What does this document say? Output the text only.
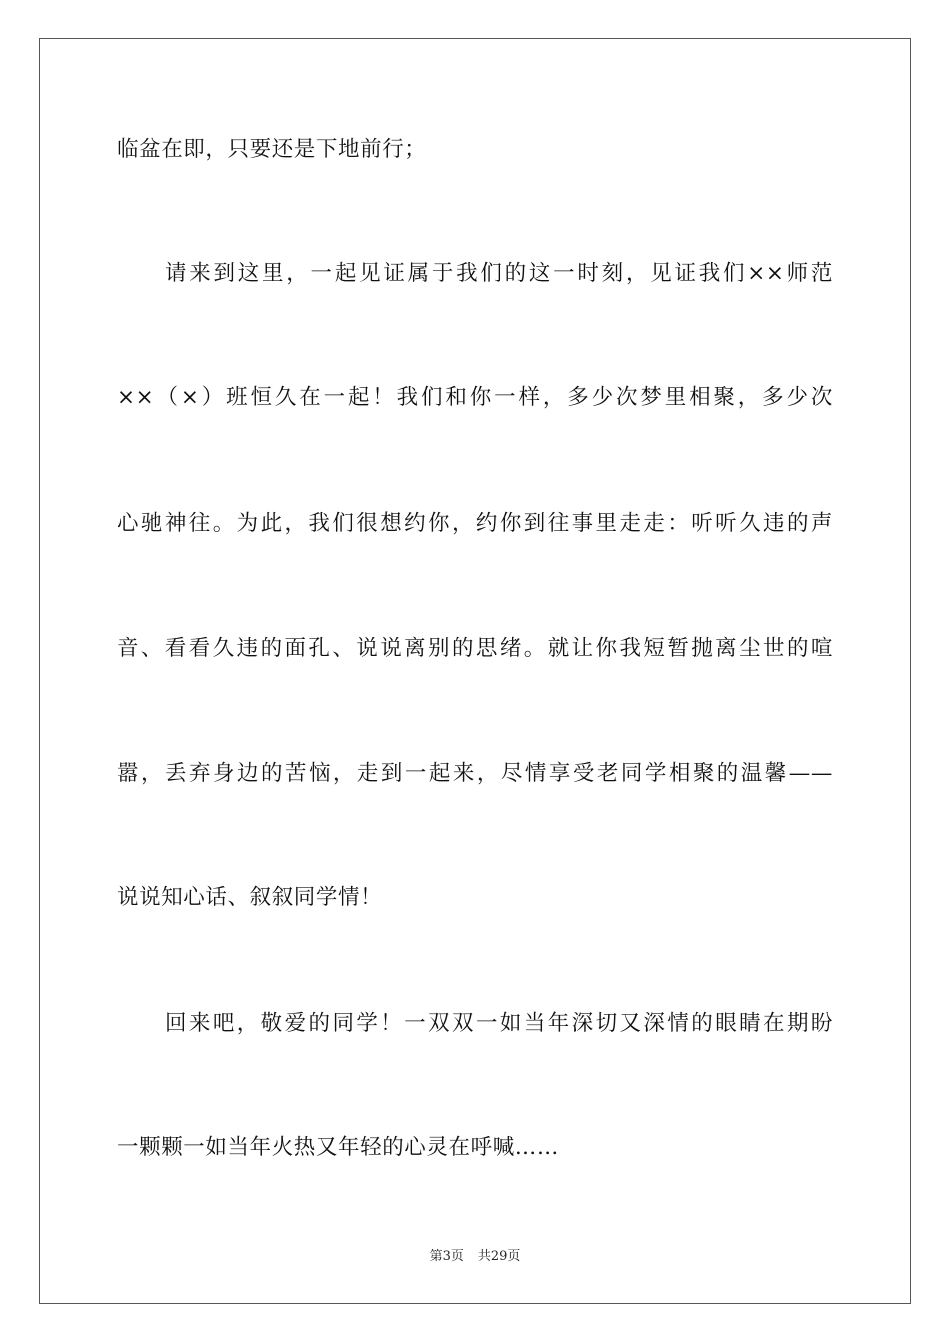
临盆在即，只要还是下地前行；
请来到这里，一起见证属于我们的这一时刻，见证我们××师范
××（×）班恒久在一起！我们和你一样，多少次梦里相聚，多少次
心驰神往。为此，我们很想约你，约你到往事里走走：听听久违的声
音、看看久违的面孔、说说离别的思绪。就让你我短暂抛离尘世的喧
嚣，丢弃身边的苦恼，走到一起来，尽情享受老同学相聚的温馨——
说说知心话、叙叙同学情！
回来吧，敬爱的同学！一双双一如当年深切又深情的眼睛在期盼
一颗颗一如当年火热又年轻的心灵在呼喊……
第3页 共29页
